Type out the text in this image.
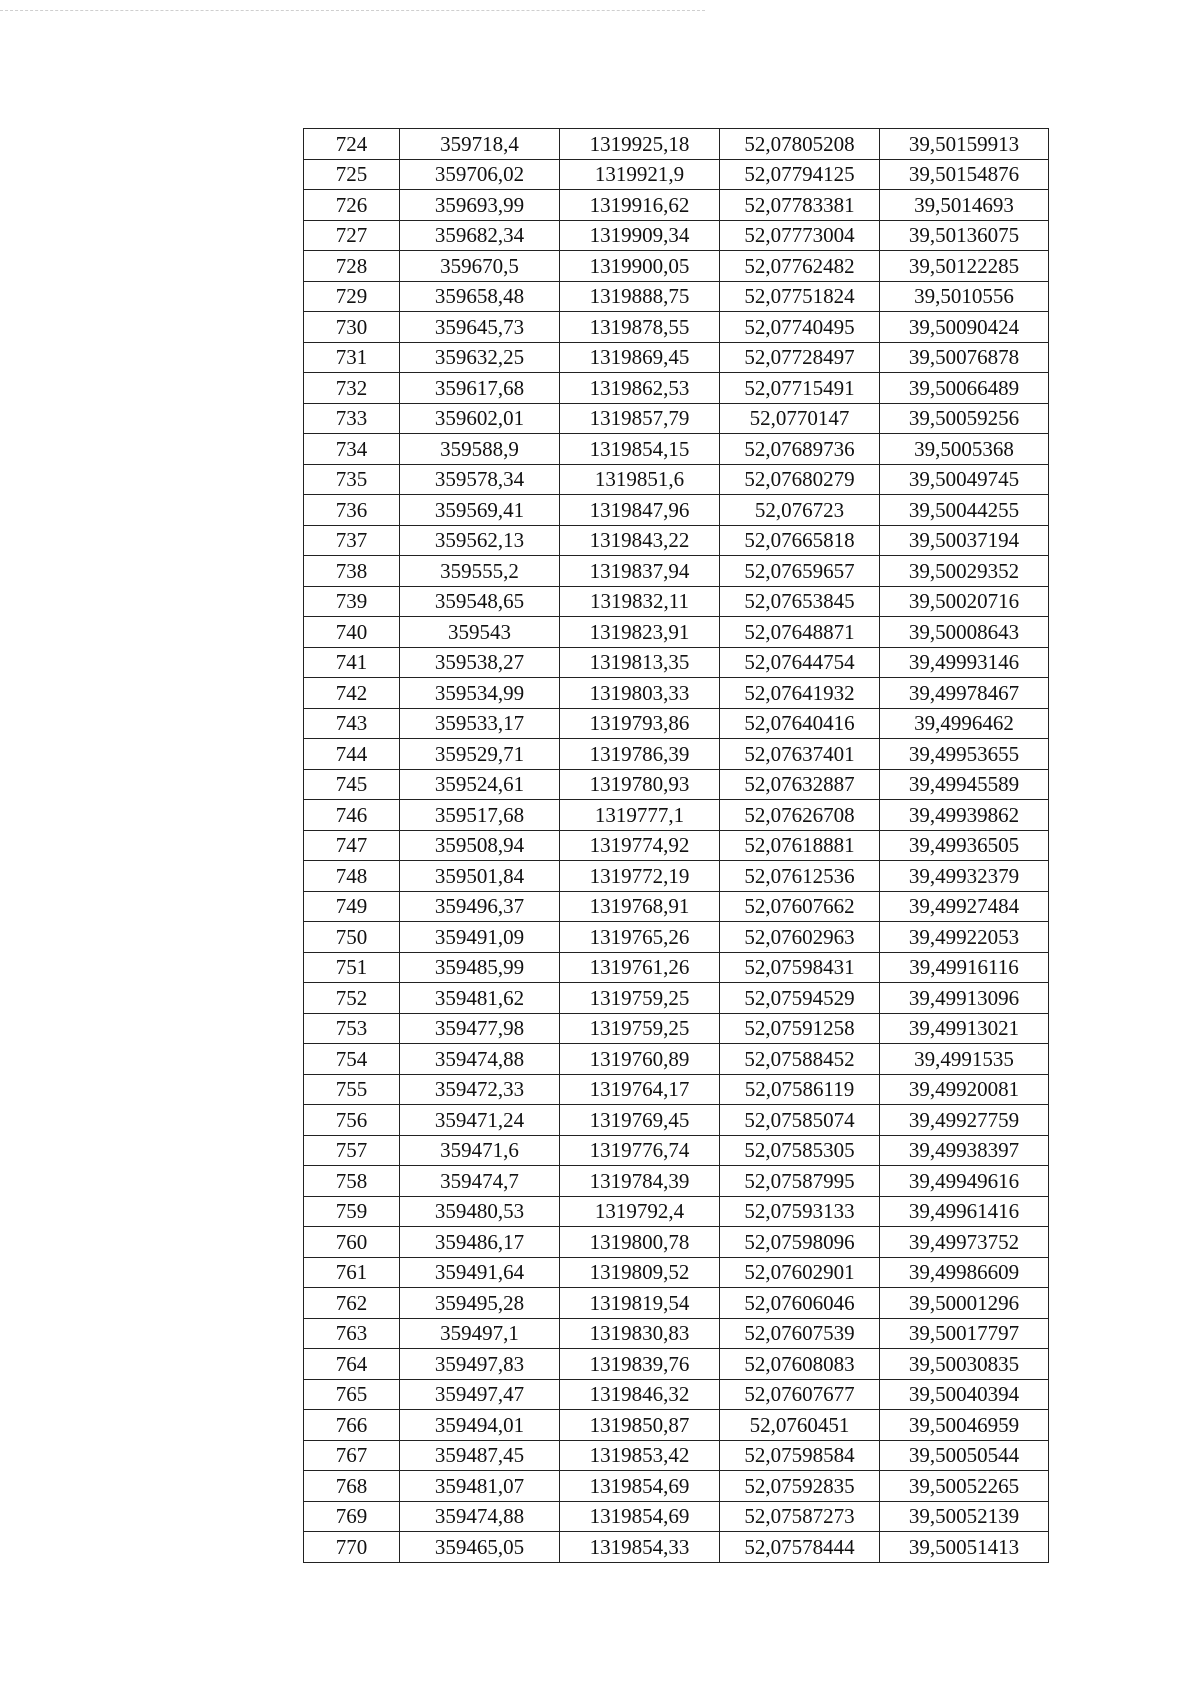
724	359718,4	1319925,18	52,07805208	39,50159913
725	359706,02	1319921,9	52,07794125	39,50154876
726	359693,99	1319916,62	52,07783381	39,5014693
727	359682,34	1319909,34	52,07773004	39,50136075
728	359670,5	1319900,05	52,07762482	39,50122285
729	359658,48	1319888,75	52,07751824	39,5010556
730	359645,73	1319878,55	52,07740495	39,50090424
731	359632,25	1319869,45	52,07728497	39,50076878
732	359617,68	1319862,53	52,07715491	39,50066489
733	359602,01	1319857,79	52,0770147	39,50059256
734	359588,9	1319854,15	52,07689736	39,5005368
735	359578,34	1319851,6	52,07680279	39,50049745
736	359569,41	1319847,96	52,076723	39,50044255
737	359562,13	1319843,22	52,07665818	39,50037194
738	359555,2	1319837,94	52,07659657	39,50029352
739	359548,65	1319832,11	52,07653845	39,50020716
740	359543	1319823,91	52,07648871	39,50008643
741	359538,27	1319813,35	52,07644754	39,49993146
742	359534,99	1319803,33	52,07641932	39,49978467
743	359533,17	1319793,86	52,07640416	39,4996462
744	359529,71	1319786,39	52,07637401	39,49953655
745	359524,61	1319780,93	52,07632887	39,49945589
746	359517,68	1319777,1	52,07626708	39,49939862
747	359508,94	1319774,92	52,07618881	39,49936505
748	359501,84	1319772,19	52,07612536	39,49932379
749	359496,37	1319768,91	52,07607662	39,49927484
750	359491,09	1319765,26	52,07602963	39,49922053
751	359485,99	1319761,26	52,07598431	39,49916116
752	359481,62	1319759,25	52,07594529	39,49913096
753	359477,98	1319759,25	52,07591258	39,49913021
754	359474,88	1319760,89	52,07588452	39,4991535
755	359472,33	1319764,17	52,07586119	39,49920081
756	359471,24	1319769,45	52,07585074	39,49927759
757	359471,6	1319776,74	52,07585305	39,49938397
758	359474,7	1319784,39	52,07587995	39,49949616
759	359480,53	1319792,4	52,07593133	39,49961416
760	359486,17	1319800,78	52,07598096	39,49973752
761	359491,64	1319809,52	52,07602901	39,49986609
762	359495,28	1319819,54	52,07606046	39,50001296
763	359497,1	1319830,83	52,07607539	39,50017797
764	359497,83	1319839,76	52,07608083	39,50030835
765	359497,47	1319846,32	52,07607677	39,50040394
766	359494,01	1319850,87	52,0760451	39,50046959
767	359487,45	1319853,42	52,07598584	39,50050544
768	359481,07	1319854,69	52,07592835	39,50052265
769	359474,88	1319854,69	52,07587273	39,50052139
770	359465,05	1319854,33	52,07578444	39,50051413
